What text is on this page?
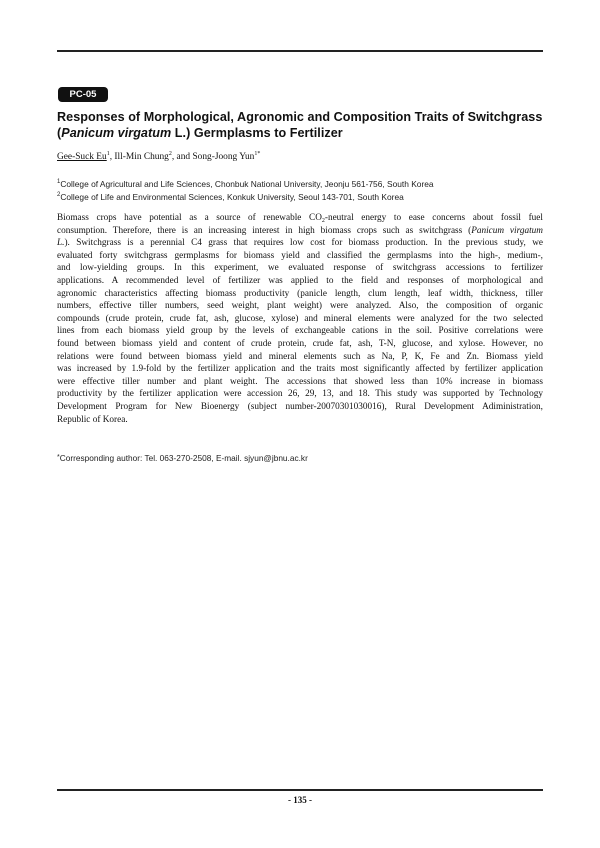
PC-05
Responses of Morphological, Agronomic and Composition Traits of Switchgrass
(Panicum virgatum L.) Germplasms to Fertilizer
Gee-Suck Eu$^1$, Ill-Min Chung$^2$, and Song-Joong Yun$^{1*}$
$^1$College of Agricultural and Life Sciences, Chonbuk National University, Jeonju 561-756, South Korea
$^2$College of Life and Environmental Sciences, Konkuk University, Seoul 143-701, South Korea

Biomass crops have potential as a source of renewable $CO_2$-neutral energy to ease concerns about fossil fuel
consumption. Therefore, there is an increasing interest in high biomass crops such as switchgrass (Panicum virgatum
L.). Switchgrass is a perennial C4 grass that requires low cost for biomass production. In the previous study, we
evaluated forty switchgrass germplasms for biomass yield and classified the germplasms into the high-, medium-,
and low-yielding groups. In this experiment, we evaluated response of switchgrass accessions to fertilizer
applications. A recommended level of fertilizer was applied to the field and responses of morphological and
agronomic characteristics affecting biomass productivity (panicle length, clum length, leaf width, thickness, tiller
numbers, effective tiller numbers, seed weight, plant weight) were analyzed. Also, the composition of organic
compounds (crude protein, crude fat, ash, glucose, xylose) and mineral elements were analyzed for the two selected
lines from each biomass yield group by the levels of exchangeable cations in the soil. Positive correlations were
found between biomass yield and content of crude protein, crude fat, ash, T-N, glucose, and xylose. However, no
relations were found between biomass yield and mineral elements such as Na, P, K, Fe and Zn. Biomass yield
was increased by 1.9-fold by the fertilizer application and the traits most significantly affected by fertilizer application
were effective tiller number and plant weight. The accessions that showed less than 10% increase in biomass
productivity by the fertilizer application were accession 26, 29, 13, and 18. This study was supported by Technology
Development Program for New Bioenergy (subject number-20070301030016), Rural Development Adiministration,
Republic of Korea.

*Corresponding author: Tel. 063-270-2508, E-mail. sjyun@jbnu.ac.kr
- 135 -
